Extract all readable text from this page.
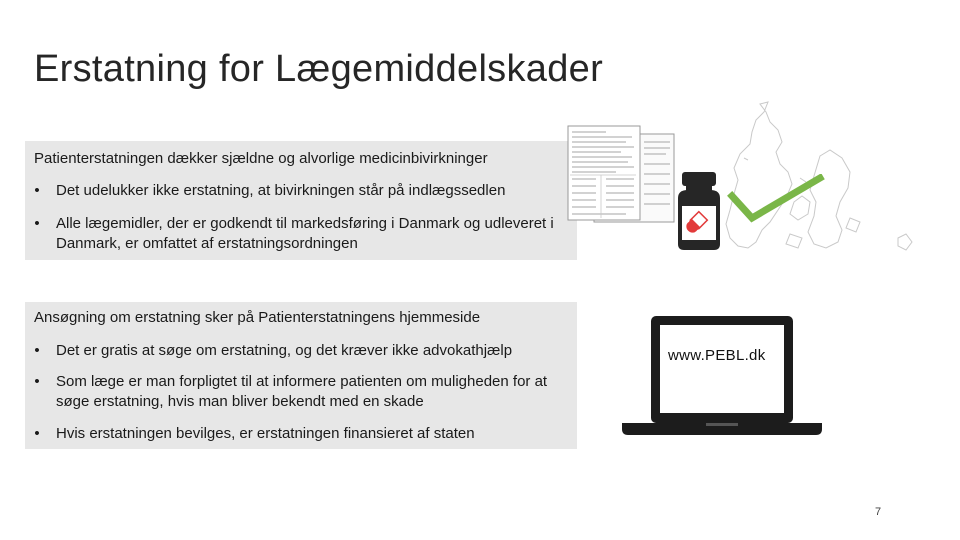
Erstatning for Lægemiddelskader
Patienterstatningen dækker sjældne og alvorlige medicinbivirkninger
• Det udelukker ikke erstatning, at bivirkningen står på indlægssedlen
• Alle lægemidler, der er godkendt til markedsføring i Danmark og udleveret i Danmark, er omfattet af erstatningsordningen
Ansøgning om erstatning sker på Patienterstatningens hjemmeside
• Det er gratis at søge om erstatning, og det kræver ikke advokathjælp
• Som læge er man forpligtet til at informere patienten om muligheden for at søge erstatning, hvis man bliver bekendt med en skade
• Hvis erstatningen bevilges, er erstatningen finansieret af staten
www.PEBL.dk
7
